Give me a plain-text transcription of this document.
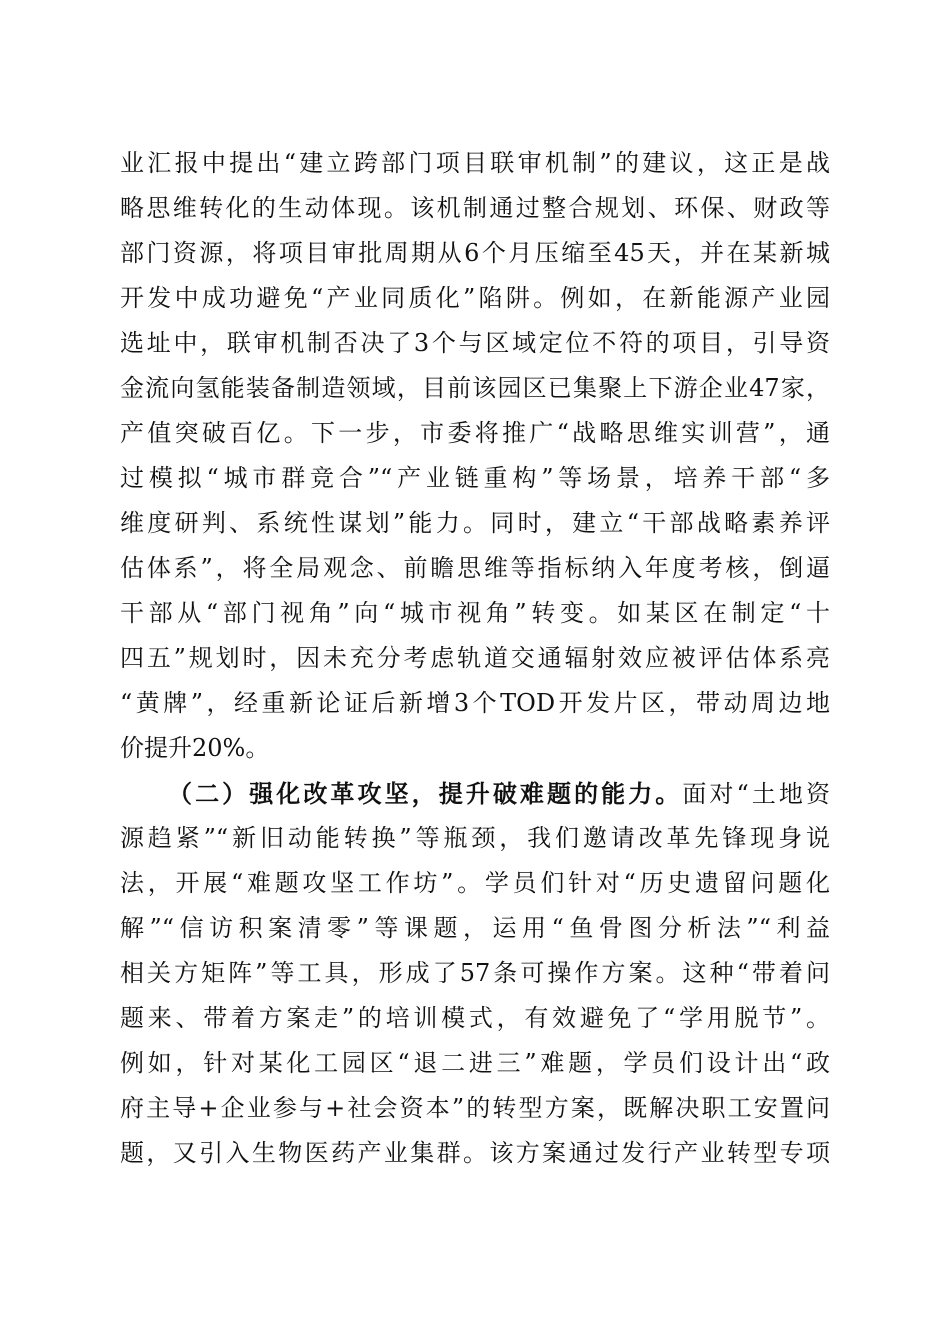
业汇报中提出“建立跨部门项目联审机制”的建议，这正是战
略思维转化的生动体现。该机制通过整合规划、环保、财政等
部门资源，将项目审批周期从6个月压缩至45天，并在某新城
开发中成功避免“产业同质化”陷阱。例如，在新能源产业园
选址中，联审机制否决了3个与区域定位不符的项目，引导资
金流向氢能装备制造领域，目前该园区已集聚上下游企业47家，
产值突破百亿。下一步，市委将推广“战略思维实训营”，通
过模拟“城市群竞合”“产业链重构”等场景，培养干部“多
维度研判、系统性谋划”能力。同时，建立“干部战略素养评
估体系”，将全局观念、前瞻思维等指标纳入年度考核，倒逼
干部从“部门视角”向“城市视角”转变。如某区在制定“十
四五”规划时，因未充分考虑轨道交通辐射效应被评估体系亮
“黄牌”，经重新论证后新增3个TOD开发片区，带动周边地
价提升20%。
（二）强化改革攻坚，提升破难题的能力。面对“土地资
源趋紧”“新旧动能转换”等瓶颈，我们邀请改革先锋现身说
法，开展“难题攻坚工作坊”。学员们针对“历史遗留问题化
解”“信访积案清零”等课题，运用“鱼骨图分析法”“利益
相关方矩阵”等工具，形成了57条可操作方案。这种“带着问
题来、带着方案走”的培训模式，有效避免了“学用脱节”。
例如，针对某化工园区“退二进三”难题，学员们设计出“政
府主导+企业参与+社会资本”的转型方案，既解决职工安置问
题，又引入生物医药产业集群。该方案通过发行产业转型专项
